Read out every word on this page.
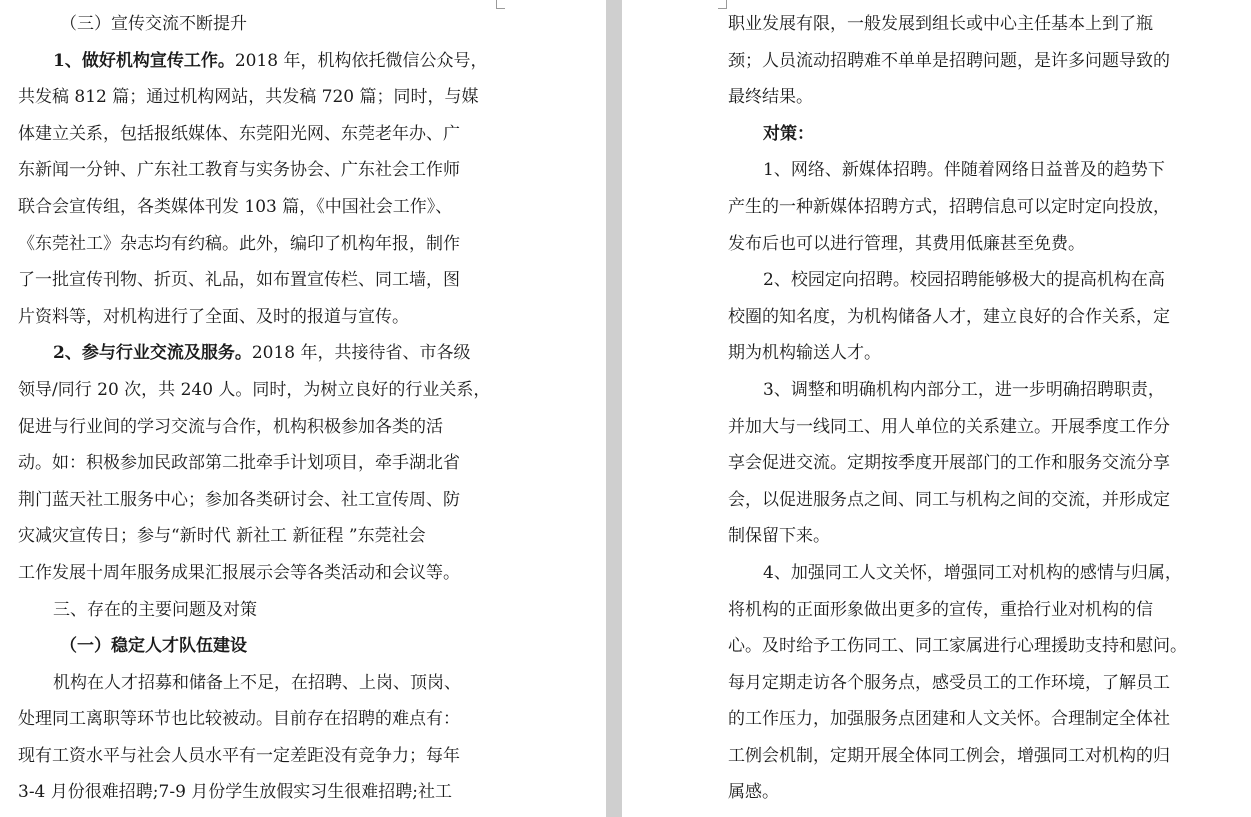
（三）宣传交流不断提升
1、做好机构宣传工作。2018 年，机构依托微信公众号，
共发稿 812 篇；通过机构网站，共发稿 720 篇；同时，与媒
体建立关系，包括报纸媒体、东莞阳光网、东莞老年办、广
东新闻一分钟、广东社工教育与实务协会、广东社会工作师
联合会宣传组，各类媒体刊发 103 篇，《中国社会工作》、
《东莞社工》杂志均有约稿。此外，编印了机构年报，制作
了一批宣传刊物、折页、礼品，如布置宣传栏、同工墙，图
片资料等，对机构进行了全面、及时的报道与宣传。
2、参与行业交流及服务。2018 年，共接待省、市各级
领导/同行 20 次，共 240 人。同时，为树立良好的行业关系，
促进与行业间的学习交流与合作，机构积极参加各类的活
动。如：积极参加民政部第二批牵手计划项目，牵手湖北省
荆门蓝天社工服务中心；参加各类研讨会、社工宣传周、防
灾减灾宣传日；参与“新时代 新社工 新征程 ”东莞社会
工作发展十周年服务成果汇报展示会等各类活动和会议等。
三、存在的主要问题及对策
（一）稳定人才队伍建设
机构在人才招募和储备上不足，在招聘、上岗、顶岗、
处理同工离职等环节也比较被动。目前存在招聘的难点有：
现有工资水平与社会人员水平有一定差距没有竞争力；每年
3-4 月份很难招聘;7-9 月份学生放假实习生很难招聘;社工
职业发展有限，一般发展到组长或中心主任基本上到了瓶
颈；人员流动招聘难不单单是招聘问题，是许多问题导致的
最终结果。
对策：
1、网络、新媒体招聘。伴随着网络日益普及的趋势下
产生的一种新媒体招聘方式，招聘信息可以定时定向投放，
发布后也可以进行管理，其费用低廉甚至免费。
2、校园定向招聘。校园招聘能够极大的提高机构在高
校圈的知名度，为机构储备人才，建立良好的合作关系，定
期为机构输送人才。
3、调整和明确机构内部分工，进一步明确招聘职责，
并加大与一线同工、用人单位的关系建立。开展季度工作分
享会促进交流。定期按季度开展部门的工作和服务交流分享
会，以促进服务点之间、同工与机构之间的交流，并形成定
制保留下来。
4、加强同工人文关怀，增强同工对机构的感情与归属，
将机构的正面形象做出更多的宣传，重拾行业对机构的信
心。及时给予工伤同工、同工家属进行心理援助支持和慰问。
每月定期走访各个服务点，感受员工的工作环境，了解员工
的工作压力，加强服务点团建和人文关怀。合理制定全体社
工例会机制，定期开展全体同工例会，增强同工对机构的归
属感。
